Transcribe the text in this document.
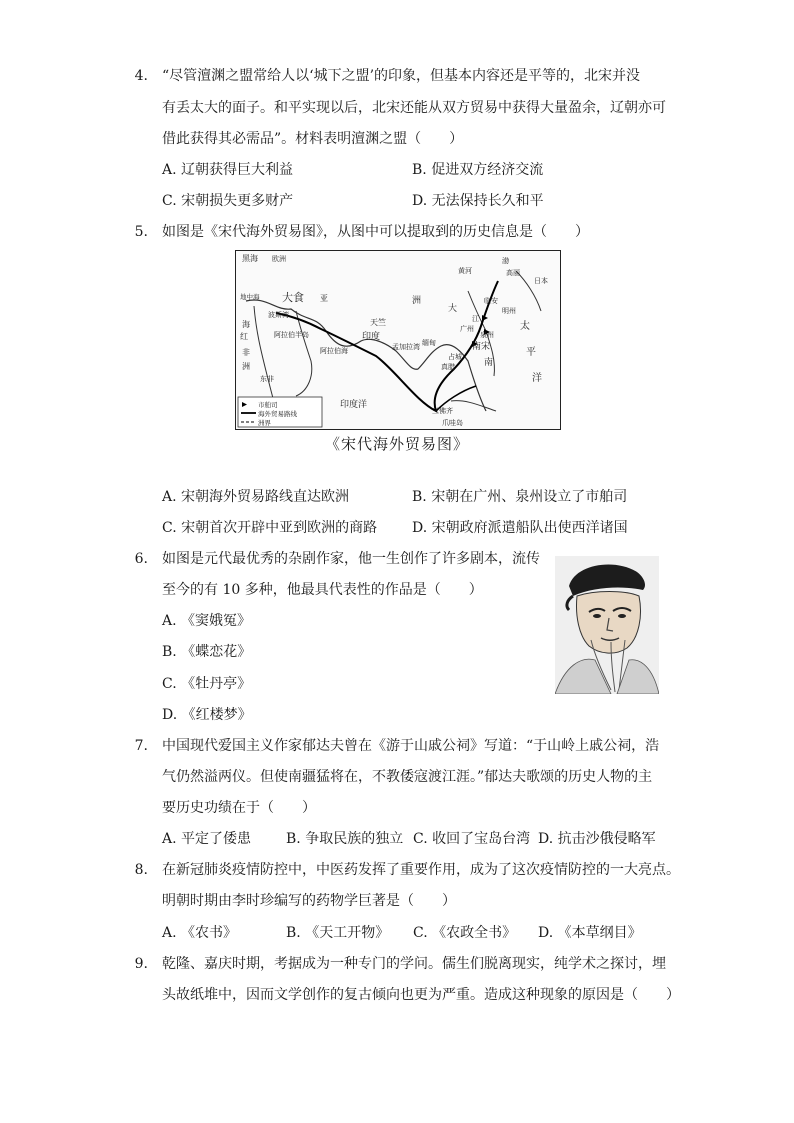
4. “尽管澶渊之盟常给人以‘城下之盟’的印象，但基本内容还是平等的，北宋并没
有丢太大的面子。和平实现以后，北宋还能从双方贸易中获得大量盈余，辽朝亦可
借此获得其必需品”。材料表明澶渊之盟（　　）
A. 辽朝获得巨大利益	B. 促进双方经济交流
C. 宋朝损失更多财产	D. 无法保持长久和平
5. 如图是《宋代海外贸易图》，从图中可以提取到的历史信息是（　　）
市舶司
海外贸易路线
洲界
黑海 欧洲
地中海 大食 亚
波斯湾
阿拉伯半岛
阿拉伯海
红
非
洲
东非
天竺
印度
孟加拉湾 缅甸
占城
真腊
印度洋
三佛齐
爪哇岛
洲
大
黄河
江
临安
明州
广州
泉州
南宋
南
高丽
日本
太
平
洋
渤
海
《宋代海外贸易图》
A. 宋朝海外贸易路线直达欧洲	B. 宋朝在广州、泉州设立了市舶司
C. 宋朝首次开辟中亚到欧洲的商路 D. 宋朝政府派遣船队出使西洋诸国
6. 如图是元代最优秀的杂剧作家，他一生创作了许多剧本，流传
至今的有 10 多种，他最具代表性的作品是（　　）
A. 《窦娥冤》
B. 《蝶恋花》
C. 《牡丹亭》
D. 《红楼梦》
7. 中国现代爱国主义作家郁达夫曾在《游于山戚公祠》写道：“于山岭上戚公祠，浩
气仍然溢两仪。但使南疆猛将在，不教倭寇渡江涯。”郁达夫歌颂的历史人物的主
要历史功绩在于（　　）
A. 平定了倭患 B. 争取民族的独立 C. 收回了宝岛台湾 D. 抗击沙俄侵略军
8. 在新冠肺炎疫情防控中，中医药发挥了重要作用，成为了这次疫情防控的一大亮点。
明朝时期由李时珍编写的药物学巨著是（　　）
A. 《农书》	B. 《天工开物》 C. 《农政全书》 D. 《本草纲目》
9. 乾隆、嘉庆时期，考据成为一种专门的学问。儒生们脱离现实，纯学术之探讨，埋
头故纸堆中，因而文学创作的复古倾向也更为严重。造成这种现象的原因是（　　）
